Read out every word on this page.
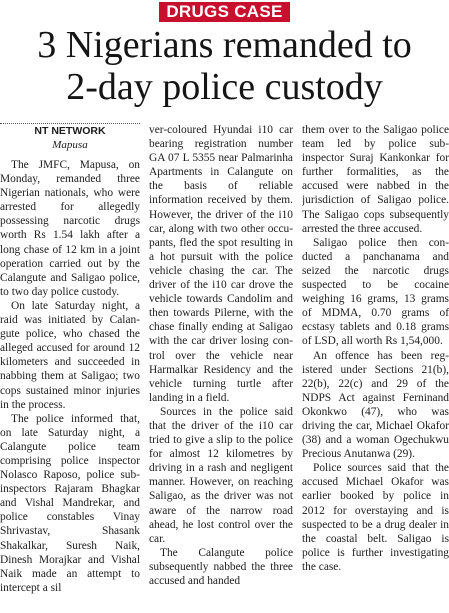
DRUGS CASE
3 Nigerians remanded to
2-day police custody
NT NETWORK
Mapusa

The JMFC, Mapusa, on Monday, remanded three Nigerian nationals, who were arrested for allegedly possessing narcotic drugs worth Rs 1.54 lakh after a long chase of 12 km in a joint operation carried out by the Calangute and Saligao police, to two day police custody.

On late Saturday night, a raid was initiated by Calangute police, who chased the alleged accused for around 12 kilometers and succeeded in nabbing them at Saligao; two cops sustained minor injuries in the process.

The police informed that, on late Saturday night, a Calangute police team comprising police inspector Nolasco Raposo, police sub-inspectors Rajaram Bhagkar and Vishal Mandrekar, and police constables Vinay Shrivastav, Shasank Shakalkar, Suresh Naik, Dinesh Morajkar and Vishal Naik made an attempt to intercept a sil

ver-coloured Hyundai i10 car bearing registration number GA 07 L 5355 near Palmarinha Apartments in Calangute on the basis of reliable information received by them. However, the driver of the i10 car, along with two other occupants, fled the spot resulting in a hot pursuit with the police vehicle chasing the car. The driver of the i10 car drove the vehicle towards Candolim and then towards Pilerne, with the chase finally ending at Saligao with the car driver losing control over the vehicle near Harmalkar Residency and the vehicle turning turtle after landing in a field.

Sources in the police said that the driver of the i10 car tried to give a slip to the police for almost 12 kilometres by driving in a rash and negligent manner. However, on reaching Saligao, as the driver was not aware of the narrow road ahead, he lost control over the car.

The Calangute police subsequently nabbed the three accused and handed

them over to the Saligao police team led by police sub-inspector Suraj Kankonkar for further formalities, as the accused were nabbed in the jurisdiction of Saligao police. The Saligao cops subsequently arrested the three accused.

Saligao police then conducted a panchanama and seized the narcotic drugs suspected to be cocaine weighing 16 grams, 13 grams of MDMA, 0.70 grams of ecstasy tablets and 0.18 grams of LSD, all worth Rs 1,54,000.

An offence has been registered under Sections 21(b), 22(b), 22(c) and 29 of the NDPS Act against Ferninand Okonkwo (47), who was driving the car, Michael Okafor (38) and a woman Ogechukwu Precious Anutanwa (29).

Police sources said that the accused Michael Okafor was earlier booked by police in 2012 for overstaying and is suspected to be a drug dealer in the coastal belt. Saligao is police is further investigating the case.
